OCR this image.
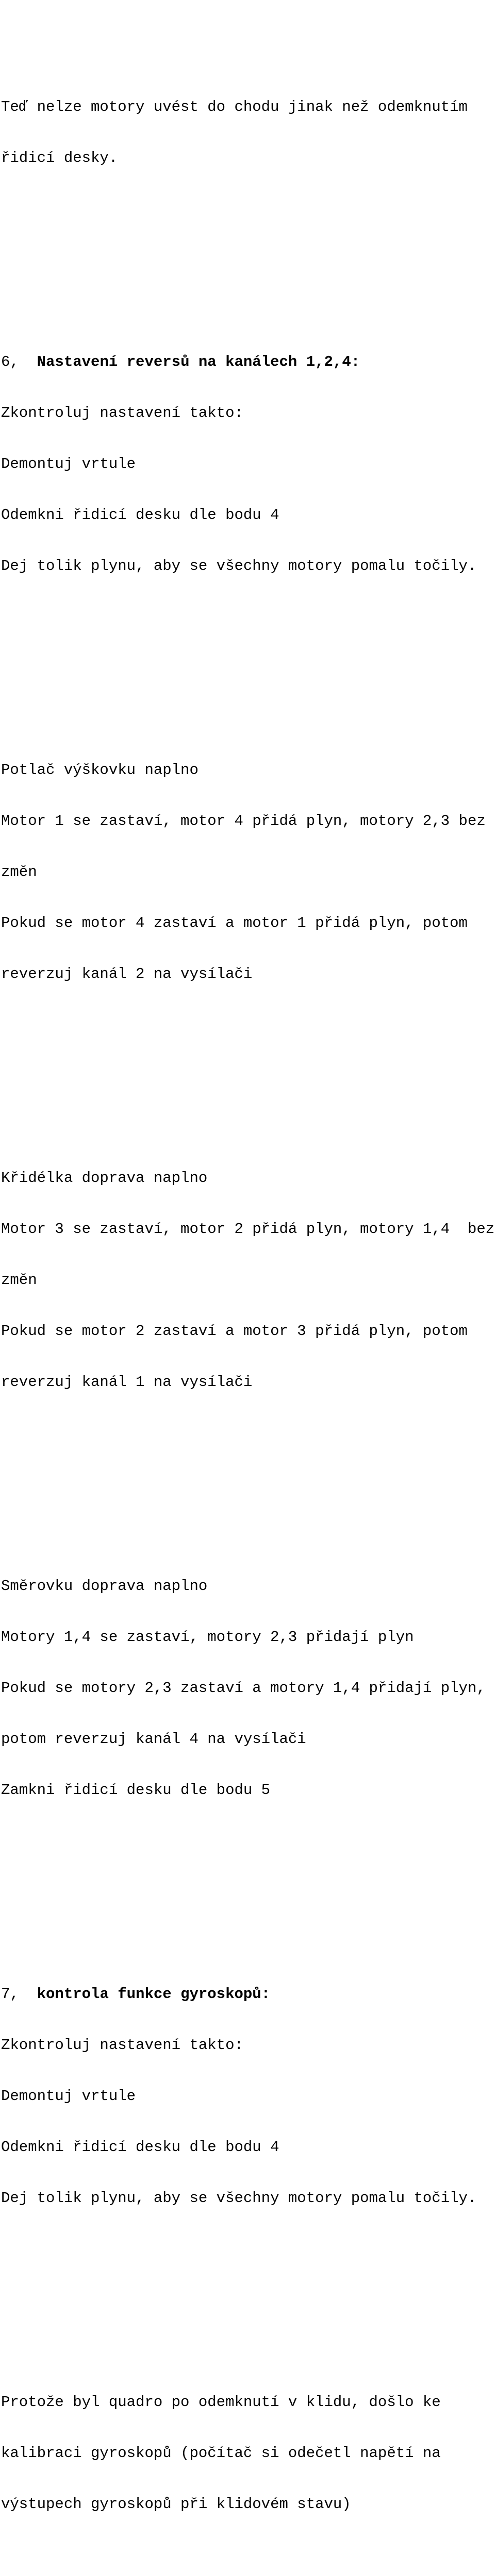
Teď nelze motory uvést do chodu jinak než odemknutím

řidicí desky.

6, Nastavení reversů na kanálech 1,2,4:

Zkontroluj nastavení takto:

Demontuj vrtule

Odemkni řidicí desku dle bodu 4

Dej tolik plynu, aby se všechny motory pomalu točily.

Potlač výškovku naplno

Motor 1 se zastaví, motor 4 přidá plyn, motory 2,3 bez

změn

Pokud se motor 4 zastaví a motor 1 přidá plyn, potom

reverzuj kanál 2 na vysílači

Křidélka doprava naplno

Motor 3 se zastaví, motor 2 přidá plyn, motory 1,4  bez

změn

Pokud se motor 2 zastaví a motor 3 přidá plyn, potom

reverzuj kanál 1 na vysílači

Směrovku doprava naplno

Motory 1,4 se zastaví, motory 2,3 přidají plyn

Pokud se motory 2,3 zastaví a motory 1,4 přidají plyn,

potom reverzuj kanál 4 na vysílači

Zamkni řidicí desku dle bodu 5

7, kontrola funkce gyroskopů:

Zkontroluj nastavení takto:

Demontuj vrtule

Odemkni řidicí desku dle bodu 4

Dej tolik plynu, aby se všechny motory pomalu točily.

Protože byl quadro po odemknutí v klidu, došlo ke

kalibraci gyroskopů (počítač si odečetl napětí na

výstupech gyroskopů při klidovém stavu)
